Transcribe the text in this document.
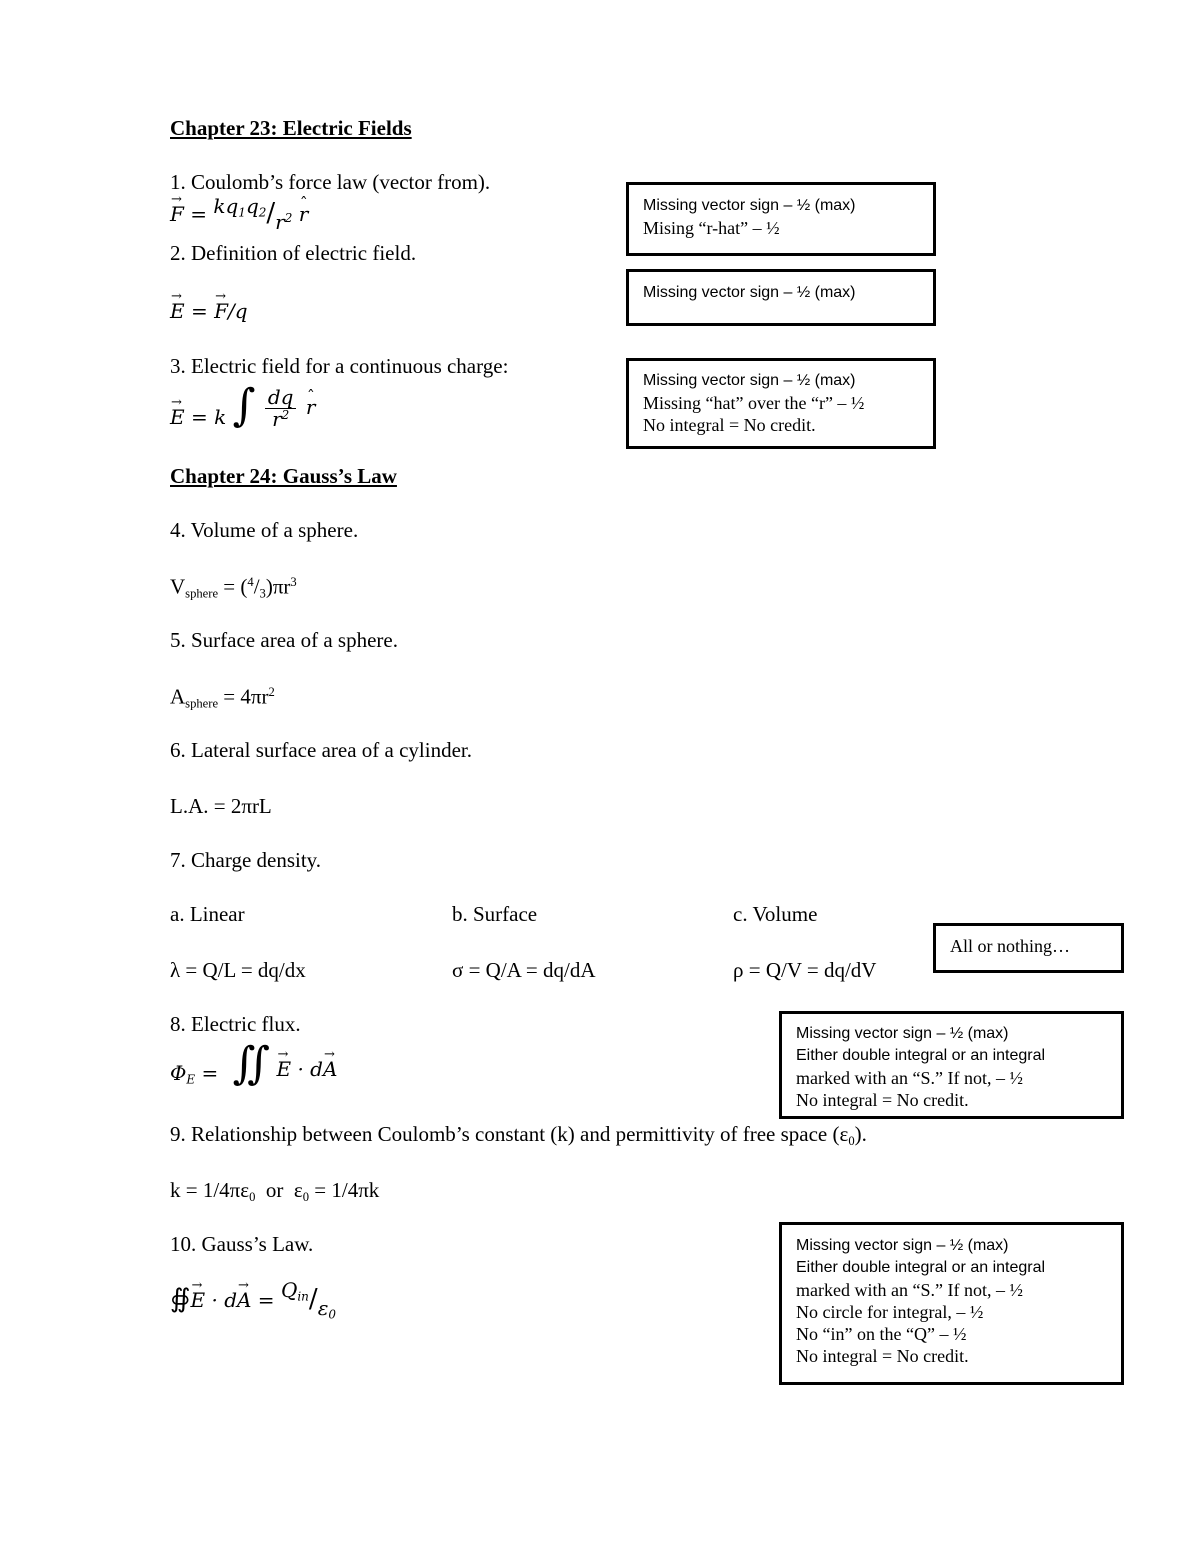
Chapter 23: Electric Fields
1. Coulomb’s force law (vector from).
→ $F = kq_1q_2/r^2$ ˆ r
2. Definition of electric field.
→ E = → F/q
3. Electric field for a continuous charge:
→ E = k ∫ $\frac{dq}{r^2}$ ˆ r
Missing vector sign – ½ (max)
Mising “r-hat” – ½
Missing vector sign – ½ (max)
Missing vector sign – ½ (max)
Missing “hat” over the “r” – ½
No integral = No credit.
Chapter 24: Gauss’s Law
4. Volume of a sphere.
$V_{sphere} = (^4/_3)\pi r^3$
5. Surface area of a sphere.
$A_{sphere} = 4\pi r^2$
6. Lateral surface area of a cylinder.
L.A. = 2πrL
7. Charge density.
a. Linear	b. Surface	c. Volume
λ = Q/L = dq/dx	σ = Q/A = dq/dA	ρ = Q/V = dq/dV
All or nothing…
8. Electric flux.
$\Phi_E$ = ∬ → E · d→ A
Missing vector sign – ½ (max)
Either double integral or an integral
marked with an “S.” If not, – ½
No integral = No credit.
9. Relationship between Coulomb’s constant (k) and permittivity of free space $(\varepsilon_0)$.
$k = 1/4\pi\varepsilon_0$  or  $\varepsilon_0 = 1/4\pi k$
10. Gauss’s Law.
∯→ $E \cdot d\to A = Q_{in}/\varepsilon_0$
Missing vector sign – ½ (max)
Either double integral or an integral
marked with an “S.” If not, – ½
No circle for integral, – ½
No “in” on the “Q” – ½
No integral = No credit.
